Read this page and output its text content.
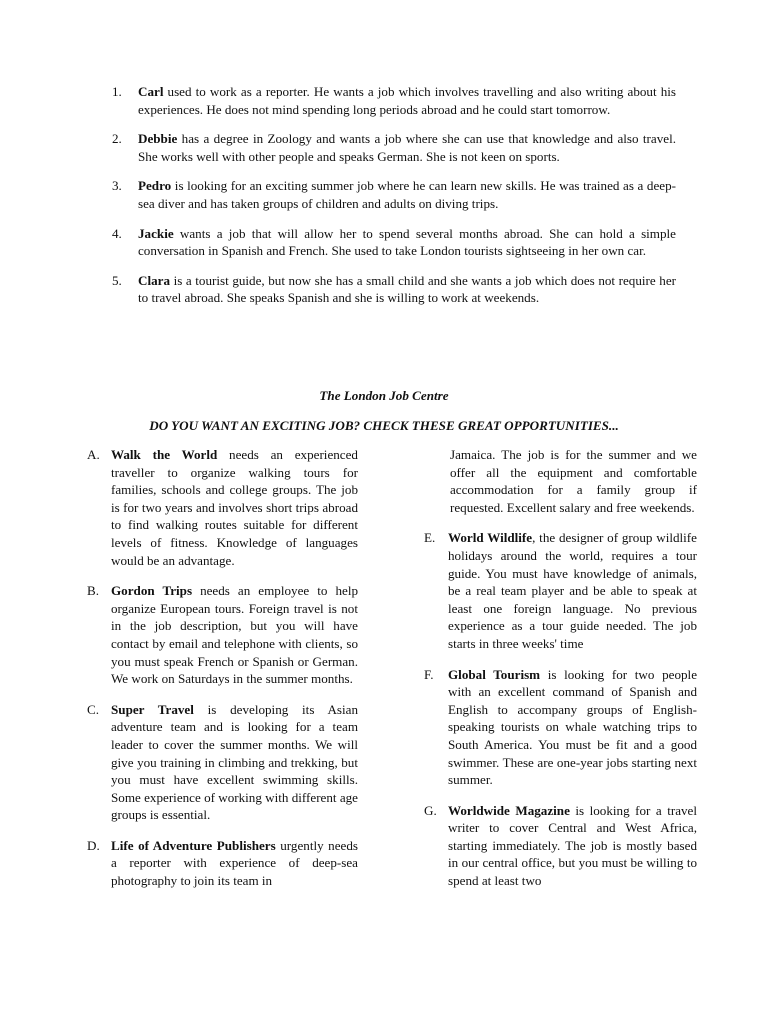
1.	Carl used to work as a reporter. He wants a job which involves travelling and also writing about his experiences. He does not mind spending long periods abroad and he could start tomorrow.
2.	Debbie has a degree in Zoology and wants a job where she can use that knowledge and also travel. She works well with other people and speaks German. She is not keen on sports.
3.	Pedro is looking for an exciting summer job where he can learn new skills. He was trained as a deep-sea diver and has taken groups of children and adults on diving trips.
4.	Jackie wants a job that will allow her to spend several months abroad. She can hold a simple conversation in Spanish and French. She used to take London tourists sightseeing in her own car.
5.	Clara is a tourist guide, but now she has a small child and she wants a job which does not require her to travel abroad. She speaks Spanish and she is willing to work at weekends.
The London Job Centre
DO YOU WANT AN EXCITING JOB? CHECK THESE GREAT OPPORTUNITIES...
A. Walk the World needs an experienced traveller to organize walking tours for families, schools and college groups. The job is for two years and involves short trips abroad to find walking routes suitable for different levels of fitness. Knowledge of languages would be an advantage.
B. Gordon Trips needs an employee to help organize European tours. Foreign travel is not in the job description, but you will have contact by email and telephone with clients, so you must speak French or Spanish or German. We work on Saturdays in the summer months.
C. Super Travel is developing its Asian adventure team and is looking for a team leader to cover the summer months. We will give you training in climbing and trekking, but you must have excellent swimming skills. Some experience of working with different age groups is essential.
D. Life of Adventure Publishers urgently needs a reporter with experience of deep-sea photography to join its team in
Jamaica. The job is for the summer and we offer all the equipment and comfortable accommodation for a family group if requested. Excellent salary and free weekends.
E. World Wildlife, the designer of group wildlife holidays around the world, requires a tour guide. You must have knowledge of animals, be a real team player and be able to speak at least one foreign language. No previous experience as a tour guide needed. The job starts in three weeks' time
F.	Global Tourism is looking for two people with an excellent command of Spanish and English to accompany groups of English-speaking tourists on whale watching trips to South America. You must be fit and a good swimmer. These are one-year jobs starting next summer.
G. Worldwide Magazine is looking for a travel writer to cover Central and West Africa, starting immediately. The job is mostly based in our central office, but you must be willing to spend at least two
